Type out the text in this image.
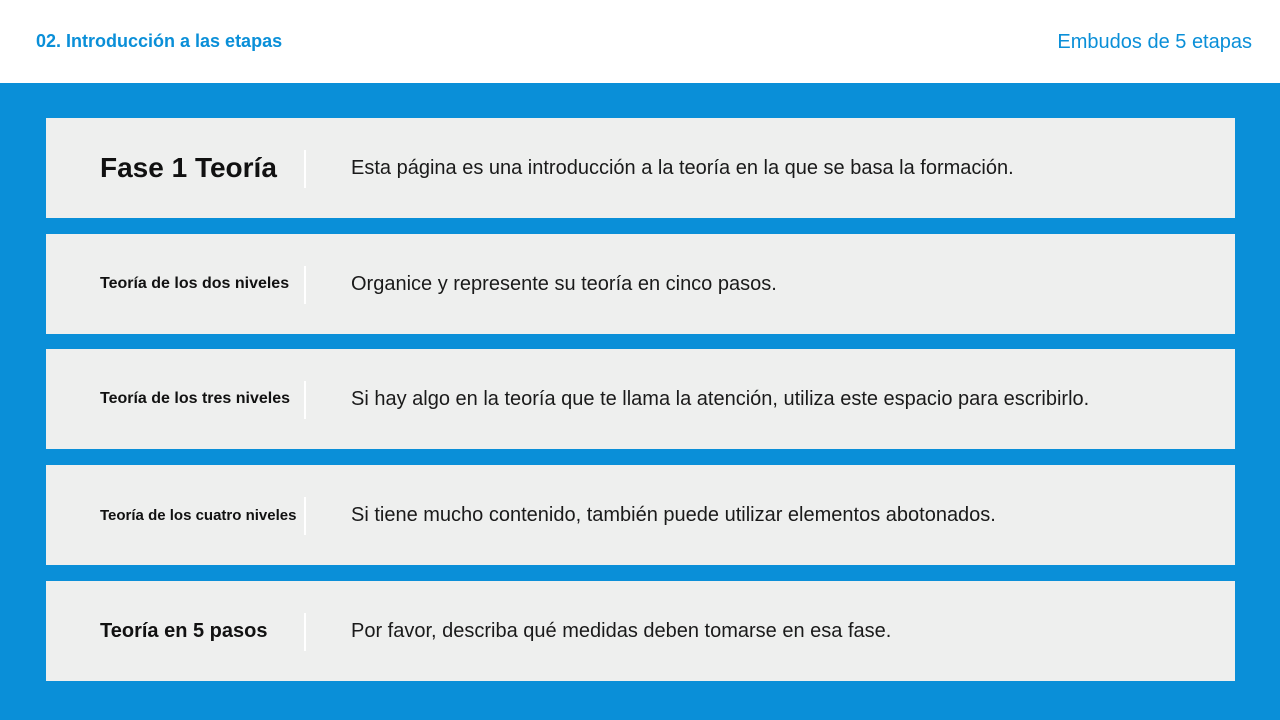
02. Introducción a las etapas	Embudos de 5 etapas
Fase 1 Teoría	Esta página es una introducción a la teoría en la que se basa la formación.
Teoría de los dos niveles	Organice y represente su teoría en cinco pasos.
Teoría de los tres niveles	Si hay algo en la teoría que te llama la atención, utiliza este espacio para escribirlo.
Teoría de los cuatro niveles	Si tiene mucho contenido, también puede utilizar elementos abotonados.
Teoría en 5 pasos	Por favor, describa qué medidas deben tomarse en esa fase.
